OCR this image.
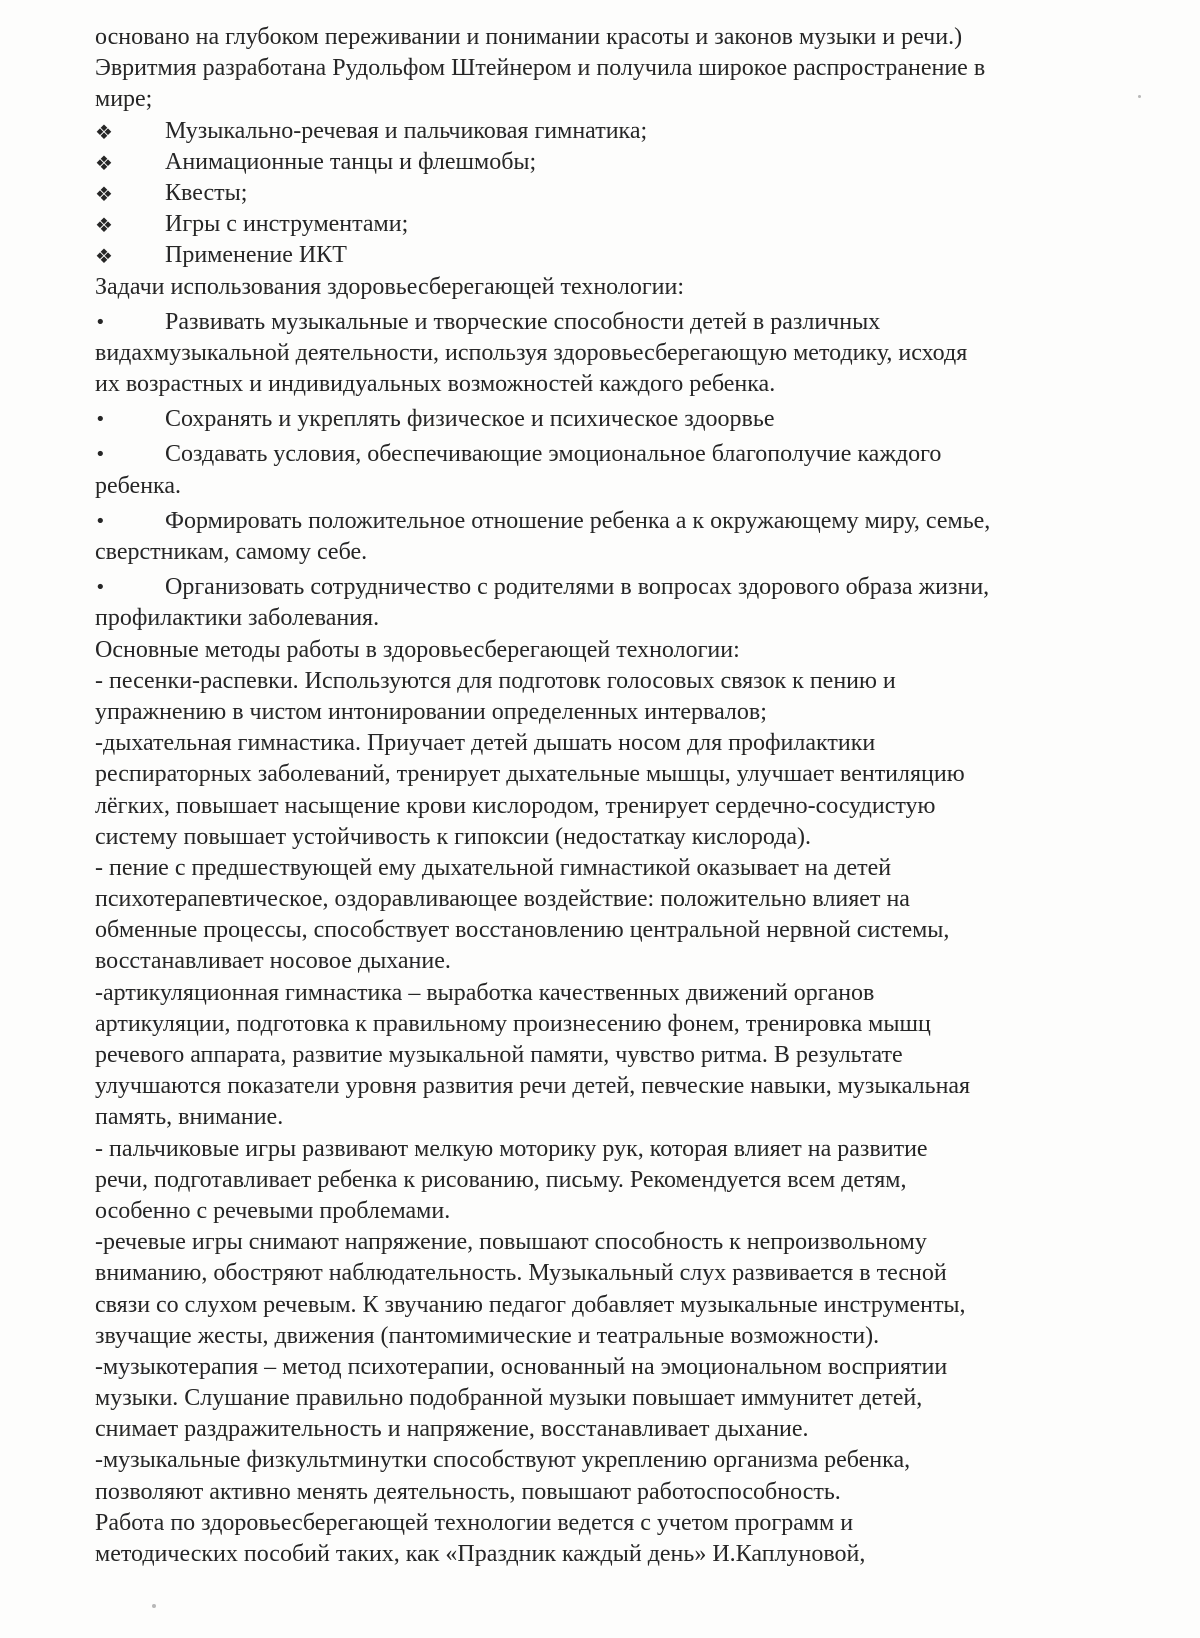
основано на глубоком переживании и понимании красоты и законов музыки и речи.)
Эвритмия разработана Рудольфом Штейнером и получила широкое распространение в
мире;
❖	Музыкально-речевая и пальчиковая гимнатика;
❖	Анимационные танцы и флешмобы;
❖	Квесты;
❖	Игры с инструментами;
❖	Применение ИКТ
Задачи использования здоровьесберегающей технологии:
•	Развивать музыкальные и творческие способности детей в различных
видахмузыкальной деятельности, используя здоровьесберегающую методику, исходя
их возрастных и индивидуальных возможностей каждого ребенка.
•	Сохранять и укреплять физическое и психическое здоорвье
•	Создавать условия, обеспечивающие эмоциональное благополучие каждого
ребенка.
•	Формировать положительное отношение ребенка а к окружающему миру, семье,
сверстникам, самому себе.
•	Организовать сотрудничество с родителями в вопросах здорового образа жизни,
профилактики заболевания.
Основные методы работы в здоровьесберегающей технологии:
- песенки-распевки. Используются для подготовк голосовых связок к пению и
упражнению в чистом интонировании определенных интервалов;
-дыхательная гимнастика. Приучает детей дышать носом для профилактики
респираторных заболеваний, тренирует дыхательные мышцы, улучшает вентиляцию
лёгких, повышает насыщение крови кислородом, тренирует сердечно-сосудистую
систему повышает устойчивость к гипоксии (недостаткау кислорода).
- пение с предшествующей ему дыхательной гимнастикой оказывает на детей
психотерапевтическое, оздоравливающее воздействие: положительно влияет на
обменные процессы, способствует восстановлению центральной нервной системы,
восстанавливает носовое дыхание.
-артикуляционная гимнастика – выработка качественных движений органов
артикуляции, подготовка к правильному произнесению фонем, тренировка мышц
речевого аппарата, развитие музыкальной памяти, чувство ритма. В результате
улучшаются показатели уровня развития речи детей, певческие навыки, музыкальная
память, внимание.
- пальчиковые игры развивают мелкую моторику рук, которая влияет на развитие
речи, подготавливает ребенка к рисованию, письму. Рекомендуется всем детям,
особенно с речевыми проблемами.
-речевые игры снимают напряжение, повышают способность к непроизвольному
вниманию, обостряют наблюдательность. Музыкальный слух развивается в тесной
связи со слухом речевым. К звучанию педагог добавляет музыкальные инструменты,
звучащие жесты, движения (пантомимические и театральные возможности).
-музыкотерапия – метод психотерапии, основанный на эмоциональном восприятии
музыки. Слушание правильно подобранной музыки повышает иммунитет детей,
снимает раздражительность и напряжение, восстанавливает дыхание.
-музыкальные физкультминутки способствуют укреплению организма ребенка,
позволяют активно менять деятельность, повышают работоспособность.
Работа по здоровьесберегающей технологии ведется с учетом программ и
методических пособий таких, как «Праздник каждый день» И.Каплуновой,
